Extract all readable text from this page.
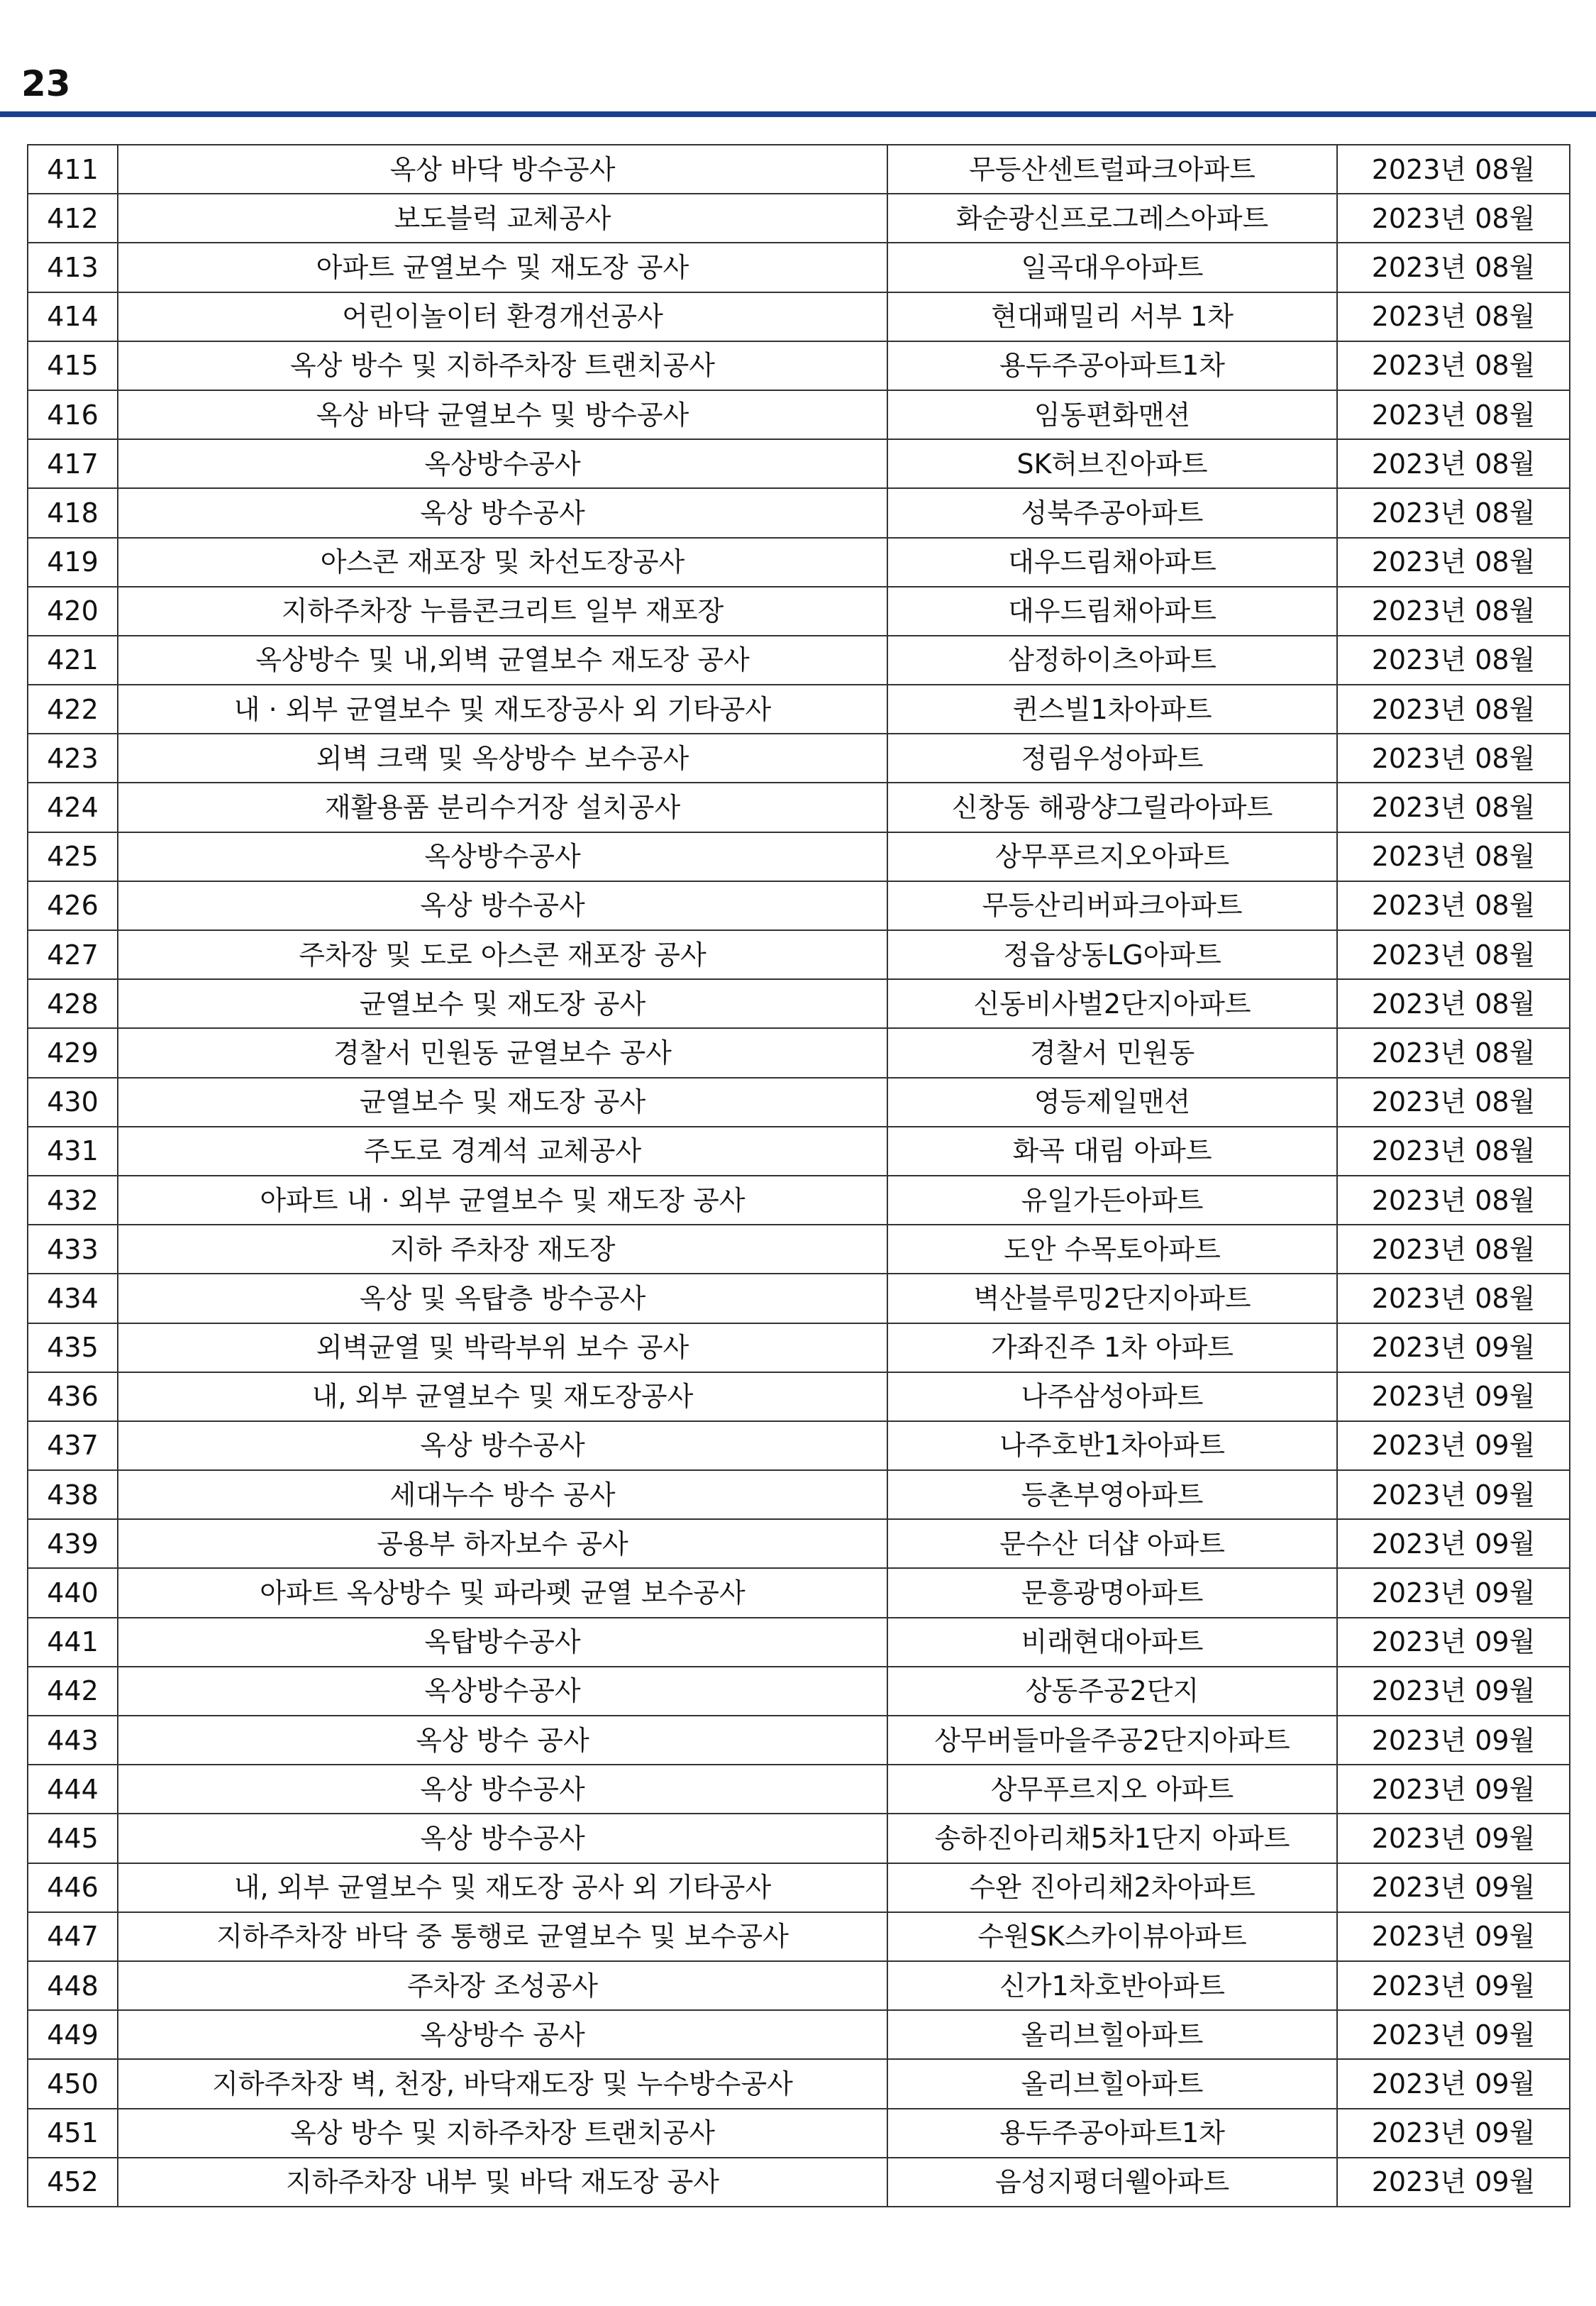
23
411	옥상 바닥 방수공사	무등산센트럴파크아파트	2023년 08월
412	보도블럭 교체공사	화순광신프로그레스아파트	2023년 08월
413	아파트 균열보수 및 재도장 공사	일곡대우아파트	2023년 08월
414	어린이놀이터 환경개선공사	현대패밀리 서부 1차	2023년 08월
415	옥상 방수 및 지하주차장 트랜치공사	용두주공아파트1차	2023년 08월
416	옥상 바닥 균열보수 및 방수공사	임동편화맨션	2023년 08월
417	옥상방수공사	SK허브진아파트	2023년 08월
418	옥상 방수공사	성북주공아파트	2023년 08월
419	아스콘 재포장 및 차선도장공사	대우드림채아파트	2023년 08월
420	지하주차장 누름콘크리트 일부 재포장	대우드림채아파트	2023년 08월
421	옥상방수 및 내,외벽 균열보수 재도장 공사	삼정하이츠아파트	2023년 08월
422	내 · 외부 균열보수 및 재도장공사 외 기타공사	퀸스빌1차아파트	2023년 08월
423	외벽 크랙 및 옥상방수 보수공사	정림우성아파트	2023년 08월
424	재활용품 분리수거장 설치공사	신창동 해광샹그릴라아파트	2023년 08월
425	옥상방수공사	상무푸르지오아파트	2023년 08월
426	옥상 방수공사	무등산리버파크아파트	2023년 08월
427	주차장 및 도로 아스콘 재포장 공사	정읍상동LG아파트	2023년 08월
428	균열보수 및 재도장 공사	신동비사벌2단지아파트	2023년 08월
429	경찰서 민원동 균열보수 공사	경찰서 민원동	2023년 08월
430	균열보수 및 재도장 공사	영등제일맨션	2023년 08월
431	주도로 경계석 교체공사	화곡 대림 아파트	2023년 08월
432	아파트 내 · 외부 균열보수 및 재도장 공사	유일가든아파트	2023년 08월
433	지하 주차장 재도장	도안 수목토아파트	2023년 08월
434	옥상 및 옥탑층 방수공사	벽산블루밍2단지아파트	2023년 08월
435	외벽균열 및 박락부위 보수 공사	가좌진주 1차 아파트	2023년 09월
436	내, 외부 균열보수 및 재도장공사	나주삼성아파트	2023년 09월
437	옥상 방수공사	나주호반1차아파트	2023년 09월
438	세대누수 방수 공사	등촌부영아파트	2023년 09월
439	공용부 하자보수 공사	문수산 더샵 아파트	2023년 09월
440	아파트 옥상방수 및 파라펫 균열 보수공사	문흥광명아파트	2023년 09월
441	옥탑방수공사	비래현대아파트	2023년 09월
442	옥상방수공사	상동주공2단지	2023년 09월
443	옥상 방수 공사	상무버들마을주공2단지아파트	2023년 09월
444	옥상 방수공사	상무푸르지오 아파트	2023년 09월
445	옥상 방수공사	송하진아리채5차1단지 아파트	2023년 09월
446	내, 외부 균열보수 및 재도장 공사 외 기타공사	수완 진아리채2차아파트	2023년 09월
447	지하주차장 바닥 중 통행로 균열보수 및 보수공사	수원SK스카이뷰아파트	2023년 09월
448	주차장 조성공사	신가1차호반아파트	2023년 09월
449	옥상방수 공사	올리브힐아파트	2023년 09월
450	지하주차장 벽, 천장, 바닥재도장 및 누수방수공사	올리브힐아파트	2023년 09월
451	옥상 방수 및 지하주차장 트랜치공사	용두주공아파트1차	2023년 09월
452	지하주차장 내부 및 바닥 재도장 공사	음성지평더웰아파트	2023년 09월
